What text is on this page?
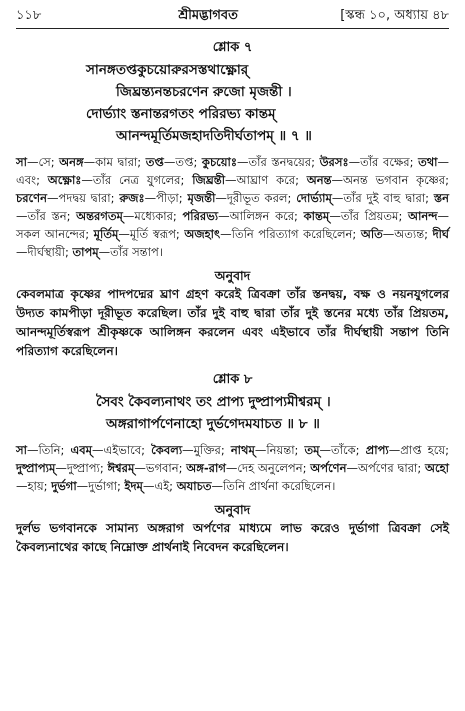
১১৮	শ্রীমদ্ভাগবত	[স্কন্ধ ১০, অধ্যায় ৪৮
শ্লোক ৭
সানঙ্গতপ্তকুচয়োরুরসস্তথাক্ষ্ণোর্
জিঘ্রন্ত্যনন্তচরণেন রুজো মৃজন্তী ।
দোর্ভ্যাং স্তনান্তরগতং পরিরভ্য কান্তম্
আনন্দমূর্তিমজহাদতিদীর্ঘতাপম্ ॥ ৭ ॥
সা—সে; অনঙ্গ—কাম দ্বারা; তপ্ত—তপ্ত; কুচয়োঃ—তাঁর স্তনদ্বয়ের; উরসঃ—তাঁর বক্ষের; তথা—এবং; অক্ষ্ণোঃ—তাঁর নেত্র যুগলের; জিঘ্রন্তী—আঘ্রাণ করে; অনন্ত—অনন্ত ভগবান কৃষ্ণের; চরণেন—পদদ্বয় দ্বারা; রুজঃ—পীড়া; মৃজন্তী—দূরীভূত করল; দোর্ভ্যাম্—তাঁর দুই বাহু দ্বারা; স্তন—তাঁর স্তন; অন্তরগতম্—মধ্যেকার; পরিরভ্য—আলিঙ্গন করে; কান্তম্—তাঁর প্রিয়তম; আনন্দ—সকল আনন্দের; মূর্তিম্—মূর্তি স্বরূপ; অজহাৎ—তিনি পরিত্যাগ করেছিলেন; অতি—অত্যন্ত; দীর্ঘ—দীর্ঘস্থায়ী; তাপম্—তাঁর সন্তাপ।
অনুবাদ
কেবলমাত্র কৃষ্ণের পাদপদ্মের ঘ্রাণ গ্রহণ করেই ত্রিবক্রা তাঁর স্তনদ্বয়, বক্ষ ও নয়নযুগলের উদ্যত কামপীড়া দূরীভূত করেছিল। তাঁর দুই বাহু দ্বারা তাঁর দুই স্তনের মধ্যে তাঁর প্রিয়তম, আনন্দমূর্তিস্বরূপ শ্রীকৃষ্ণকে আলিঙ্গন করলেন এবং এইভাবে তাঁর দীর্ঘস্থায়ী সন্তাপ তিনি পরিত্যাগ করেছিলেন।
শ্লোক ৮
সৈবং কৈবল্যনাথং তং প্রাপ্য দুষ্প্রাপ্যমীশ্বরম্ ।
অঙ্গরাগার্পণেনাহো দুর্ভগেদমযাচত ॥ ৮ ॥
সা—তিনি; এবম্—এইভাবে; কৈবল্য—মুক্তির; নাথম্—নিয়ন্তা; তম্—তাঁকে; প্রাপ্য—প্রাপ্ত হয়ে; দুষ্প্রাপ্যম্—দুষ্প্রাপ্য; ঈশ্বরম্—ভগবান; অঙ্গ-রাগ—দেহ অনুলেপন; অর্পণেন—অর্পণের দ্বারা; অহো—হায়; দুর্ভগা—দুর্ভাগা; ইদম্—এই; অযাচত—তিনি প্রার্থনা করেছিলেন।
অনুবাদ
দুর্লভ ভগবানকে সামান্য অঙ্গরাগ অর্পণের মাধ্যমে লাভ করেও দুর্ভাগা ত্রিবক্রা সেই কৈবল্যনাথের কাছে নিম্নোক্ত প্রার্থনাই নিবেদন করেছিলেন।
